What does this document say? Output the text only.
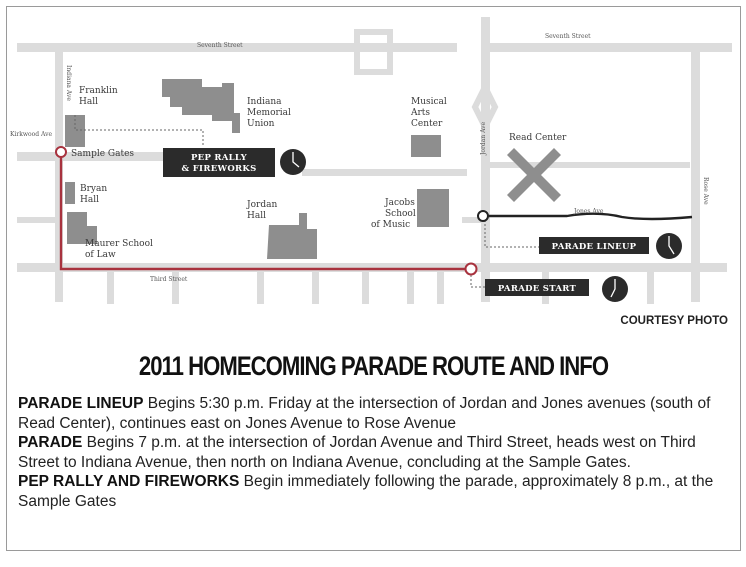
Seventh Street
Seventh Street
Indiana Ave
Kirkwood Ave
Third Street
Jordan Ave
Jones Ave
Rose Ave
Franklin Hall	Indiana Memorial Union
Musical Arts Center
Read Center
Sample Gates
Bryan Hall	Jordan Hall
Jacobs School of Music
Maurer School of Law
PEP RALLY & FIREWORKS
PARADE LINEUP
PARADE START
COURTESY PHOTO
2011 HOMECOMING PARADE ROUTE AND INFO

PARADE LINEUP Begins 5:30 p.m. Friday at the intersection of Jordan and Jones avenues (south of Read Center), continues east on Jones Avenue to Rose Avenue

PARADE Begins 7 p.m. at the intersection of Jordan Avenue and Third Street, heads west on Third Street to Indiana Avenue, then north on Indiana Avenue, concluding at the Sample Gates.

PEP RALLY AND FIREWORKS Begin immediately following the parade, approximately 8 p.m., at the Sample Gates
